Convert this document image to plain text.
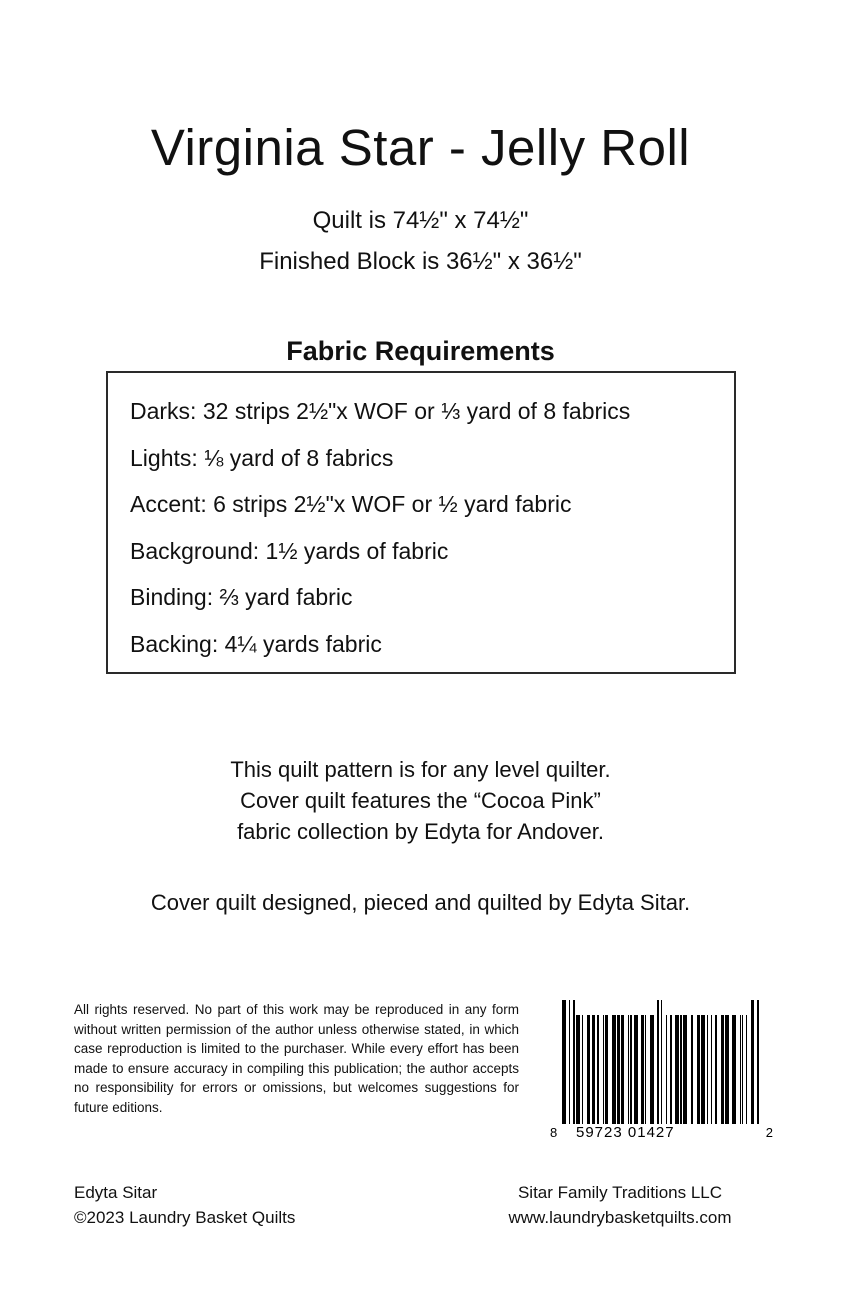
Virginia Star - Jelly Roll
Quilt is 74½" x 74½"
Finished Block is 36½" x 36½"
Fabric Requirements
Darks: 32 strips 2½"x WOF or ⅓ yard of 8 fabrics
Lights: ⅛ yard of 8 fabrics
Accent: 6 strips 2½"x WOF or ½ yard fabric
Background: 1½ yards of fabric
Binding: ⅔ yard fabric
Backing: 4¼ yards fabric
This quilt pattern is for any level quilter.
Cover quilt features the “Cocoa Pink”
fabric collection by Edyta for Andover.
Cover quilt designed, pieced and quilted by Edyta Sitar.
All rights reserved. No part of this work may be reproduced in any form without written permission of the author unless otherwise stated, in which case reproduction is limited to the purchaser. While every effort has been made to ensure accuracy in compiling this publication; the author accepts no responsibility for errors or omissions, but welcomes suggestions for future editions.
8 59723 01427	2
Edyta Sitar
©2023 Laundry Basket Quilts
Sitar Family Traditions LLC
www.laundrybasketquilts.com
